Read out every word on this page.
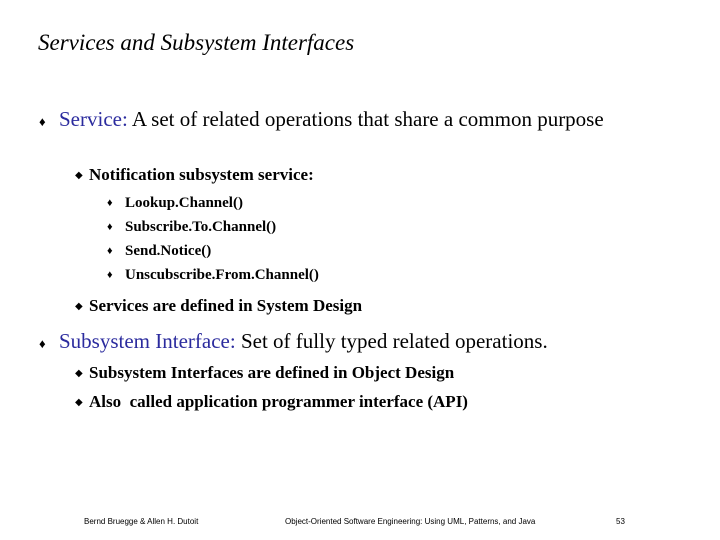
Services and Subsystem Interfaces
♦ Service: A set of related operations that share a common purpose
◆ Notification subsystem service:
♦ Lookup.Channel()
♦ Subscribe.To.Channel()
♦ Send.Notice()
♦ Unscubscribe.From.Channel()
◆ Services are defined in System Design
♦ Subsystem Interface: Set of fully typed related operations.
◆ Subsystem Interfaces are defined in Object Design
◆ Also  called application programmer interface (API)
Bernd Bruegge & Allen H. Dutoit	Object-Oriented Software Engineering: Using UML, Patterns, and Java	53
